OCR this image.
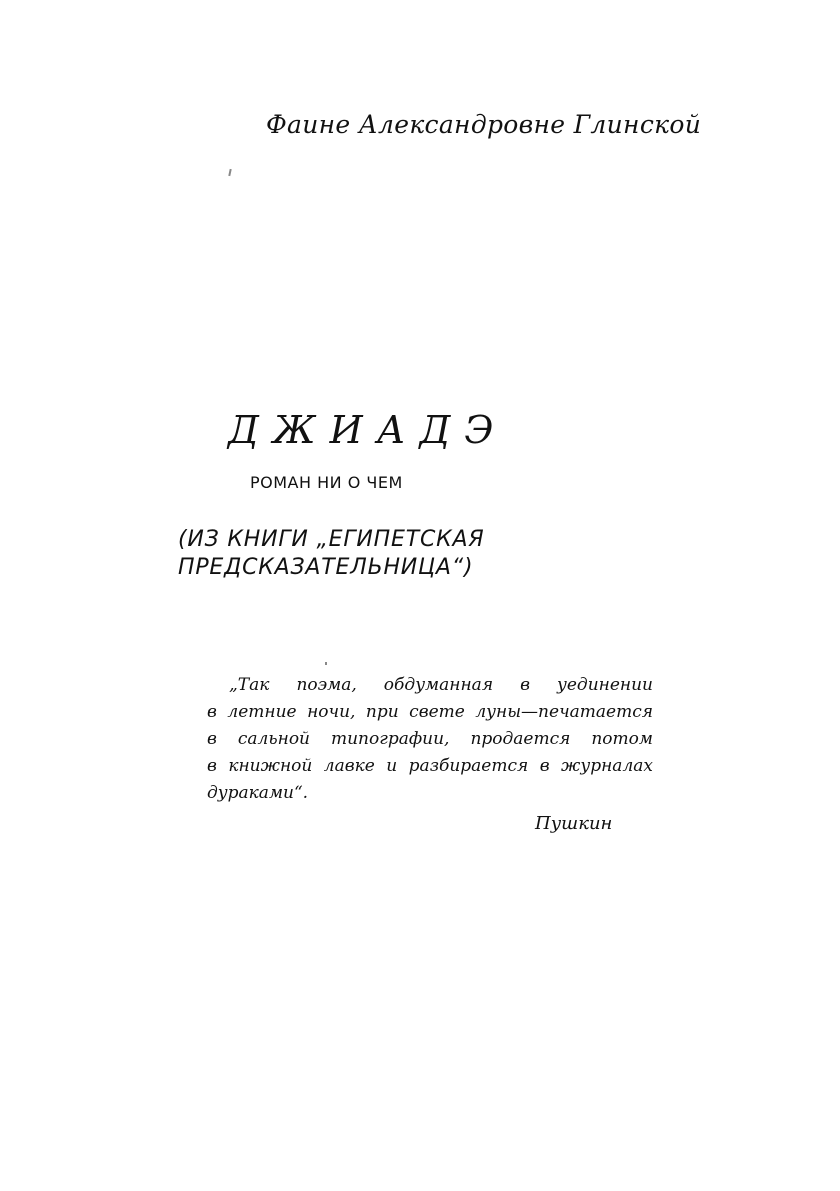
Фаине Александровне Глинской
ДЖИАДЭ
РОМАН НИ О ЧЕМ
(ИЗ КНИГИ „ЕГИПЕТСКАЯ
ПРЕДСКАЗАТЕЛЬНИЦА“)
„Так поэма, обдуманная в уединении
в летние ночи, при свете луны—печатается
в сальной типографии, продается потом
в книжной лавке и разбирается в журналах
дураками“.
Пушкин
